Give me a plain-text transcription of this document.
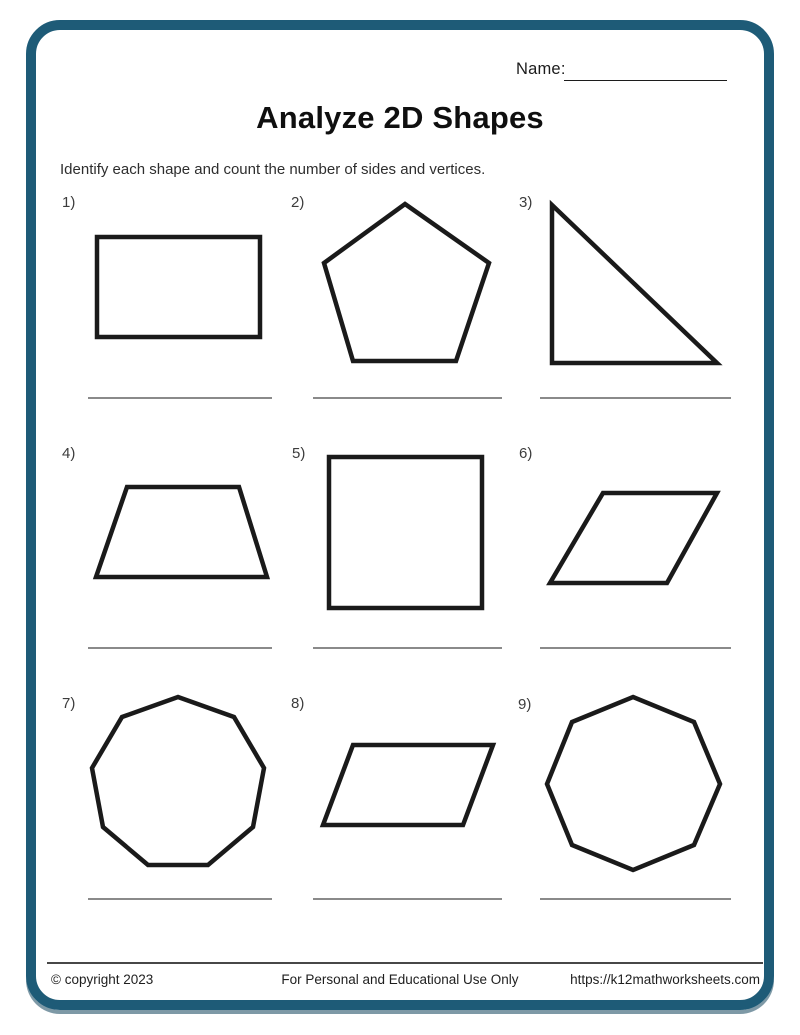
Name:
Analyze 2D Shapes
Identify each shape and count the number of sides and vertices.
1)	2)	3)
4)	5)	6)
7)	8)	9)
© copyright 2023	For Personal and Educational Use Only	https://k12mathworksheets.com
